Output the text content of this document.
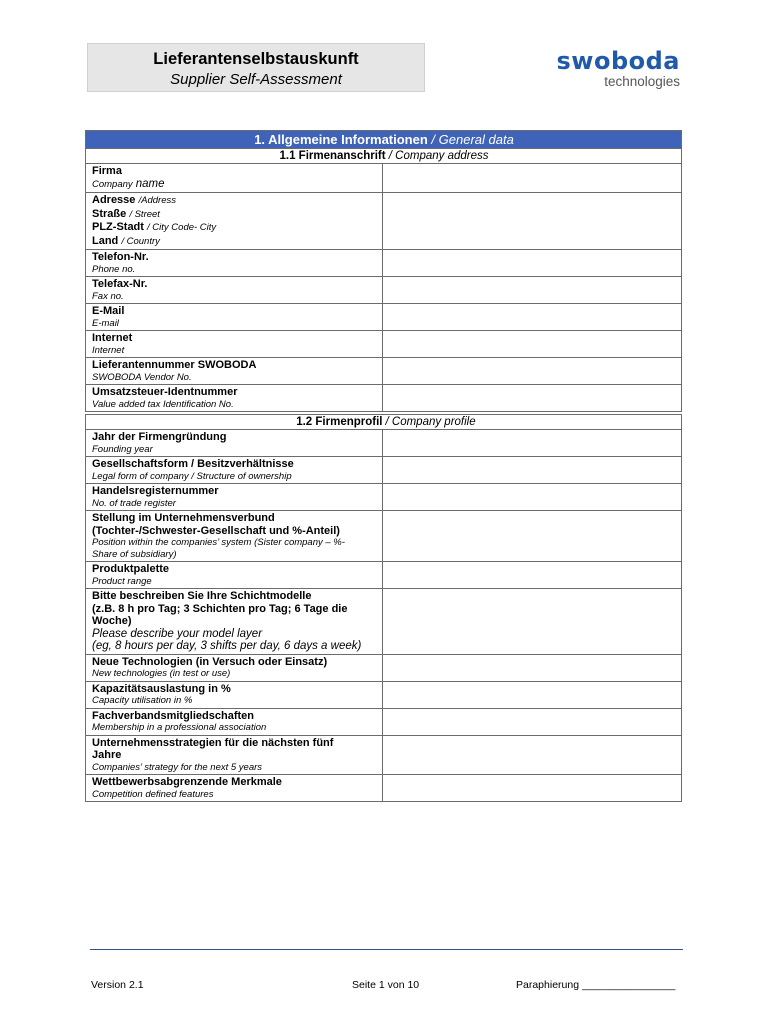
Lieferantenselbstauskunft
Supplier Self-Assessment
swoboda
technologies
1. Allgemeine Informationen / General data	
1.1 Firmenanschrift / Company address	

Firma
Company name	

Adresse /Address
Straße / Street
PLZ-Stadt / City Code- City
Land / Country	

Telefon-Nr.
Phone no.	

Telefax-Nr.
Fax no.	

E-Mail
E-mail	

Internet
Internet	

Lieferantennummer SWOBODA
SWOBODA Vendor No.	

Umsatzsteuer-Identnummer
Value added tax Identification No.	

1.2 Firmenprofil	/ Company profile

Jahr der Firmengründung
Founding year	

Gesellschaftsform / Besitzverhältnisse
Legal form of company / Structure of ownership	

Handelsregisternummer
No. of trade register	

Stellung im Unternehmensverbund
(Tochter-/Schwester-Gesellschaft und %-Anteil)
Position within the companies’ system (Sister company – %-
Share of subsidiary)	

Produktpalette
Product range	

Bitte beschreiben Sie Ihre Schichtmodelle
(z.B. 8 h pro Tag; 3 Schichten pro Tag; 6 Tage die
Woche)
Please describe your model layer
(eg, 8 hours per day, 3 shifts per day, 6 days a week)	

Neue Technologien (in Versuch oder Einsatz)
New technologies (in test or use)	

Kapazitätsauslastung in %
Capacity utilisation in %	

Fachverbandsmitgliedschaften
Membership in a professional association	

Unternehmensstrategien für die nächsten fünf
Jahre
Companies’ strategy for the next 5 years	

Wettbewerbsabgrenzende Merkmale
Competition defined features	

Version 2.1	Seite 1 von 10	Paraphierung ________________
